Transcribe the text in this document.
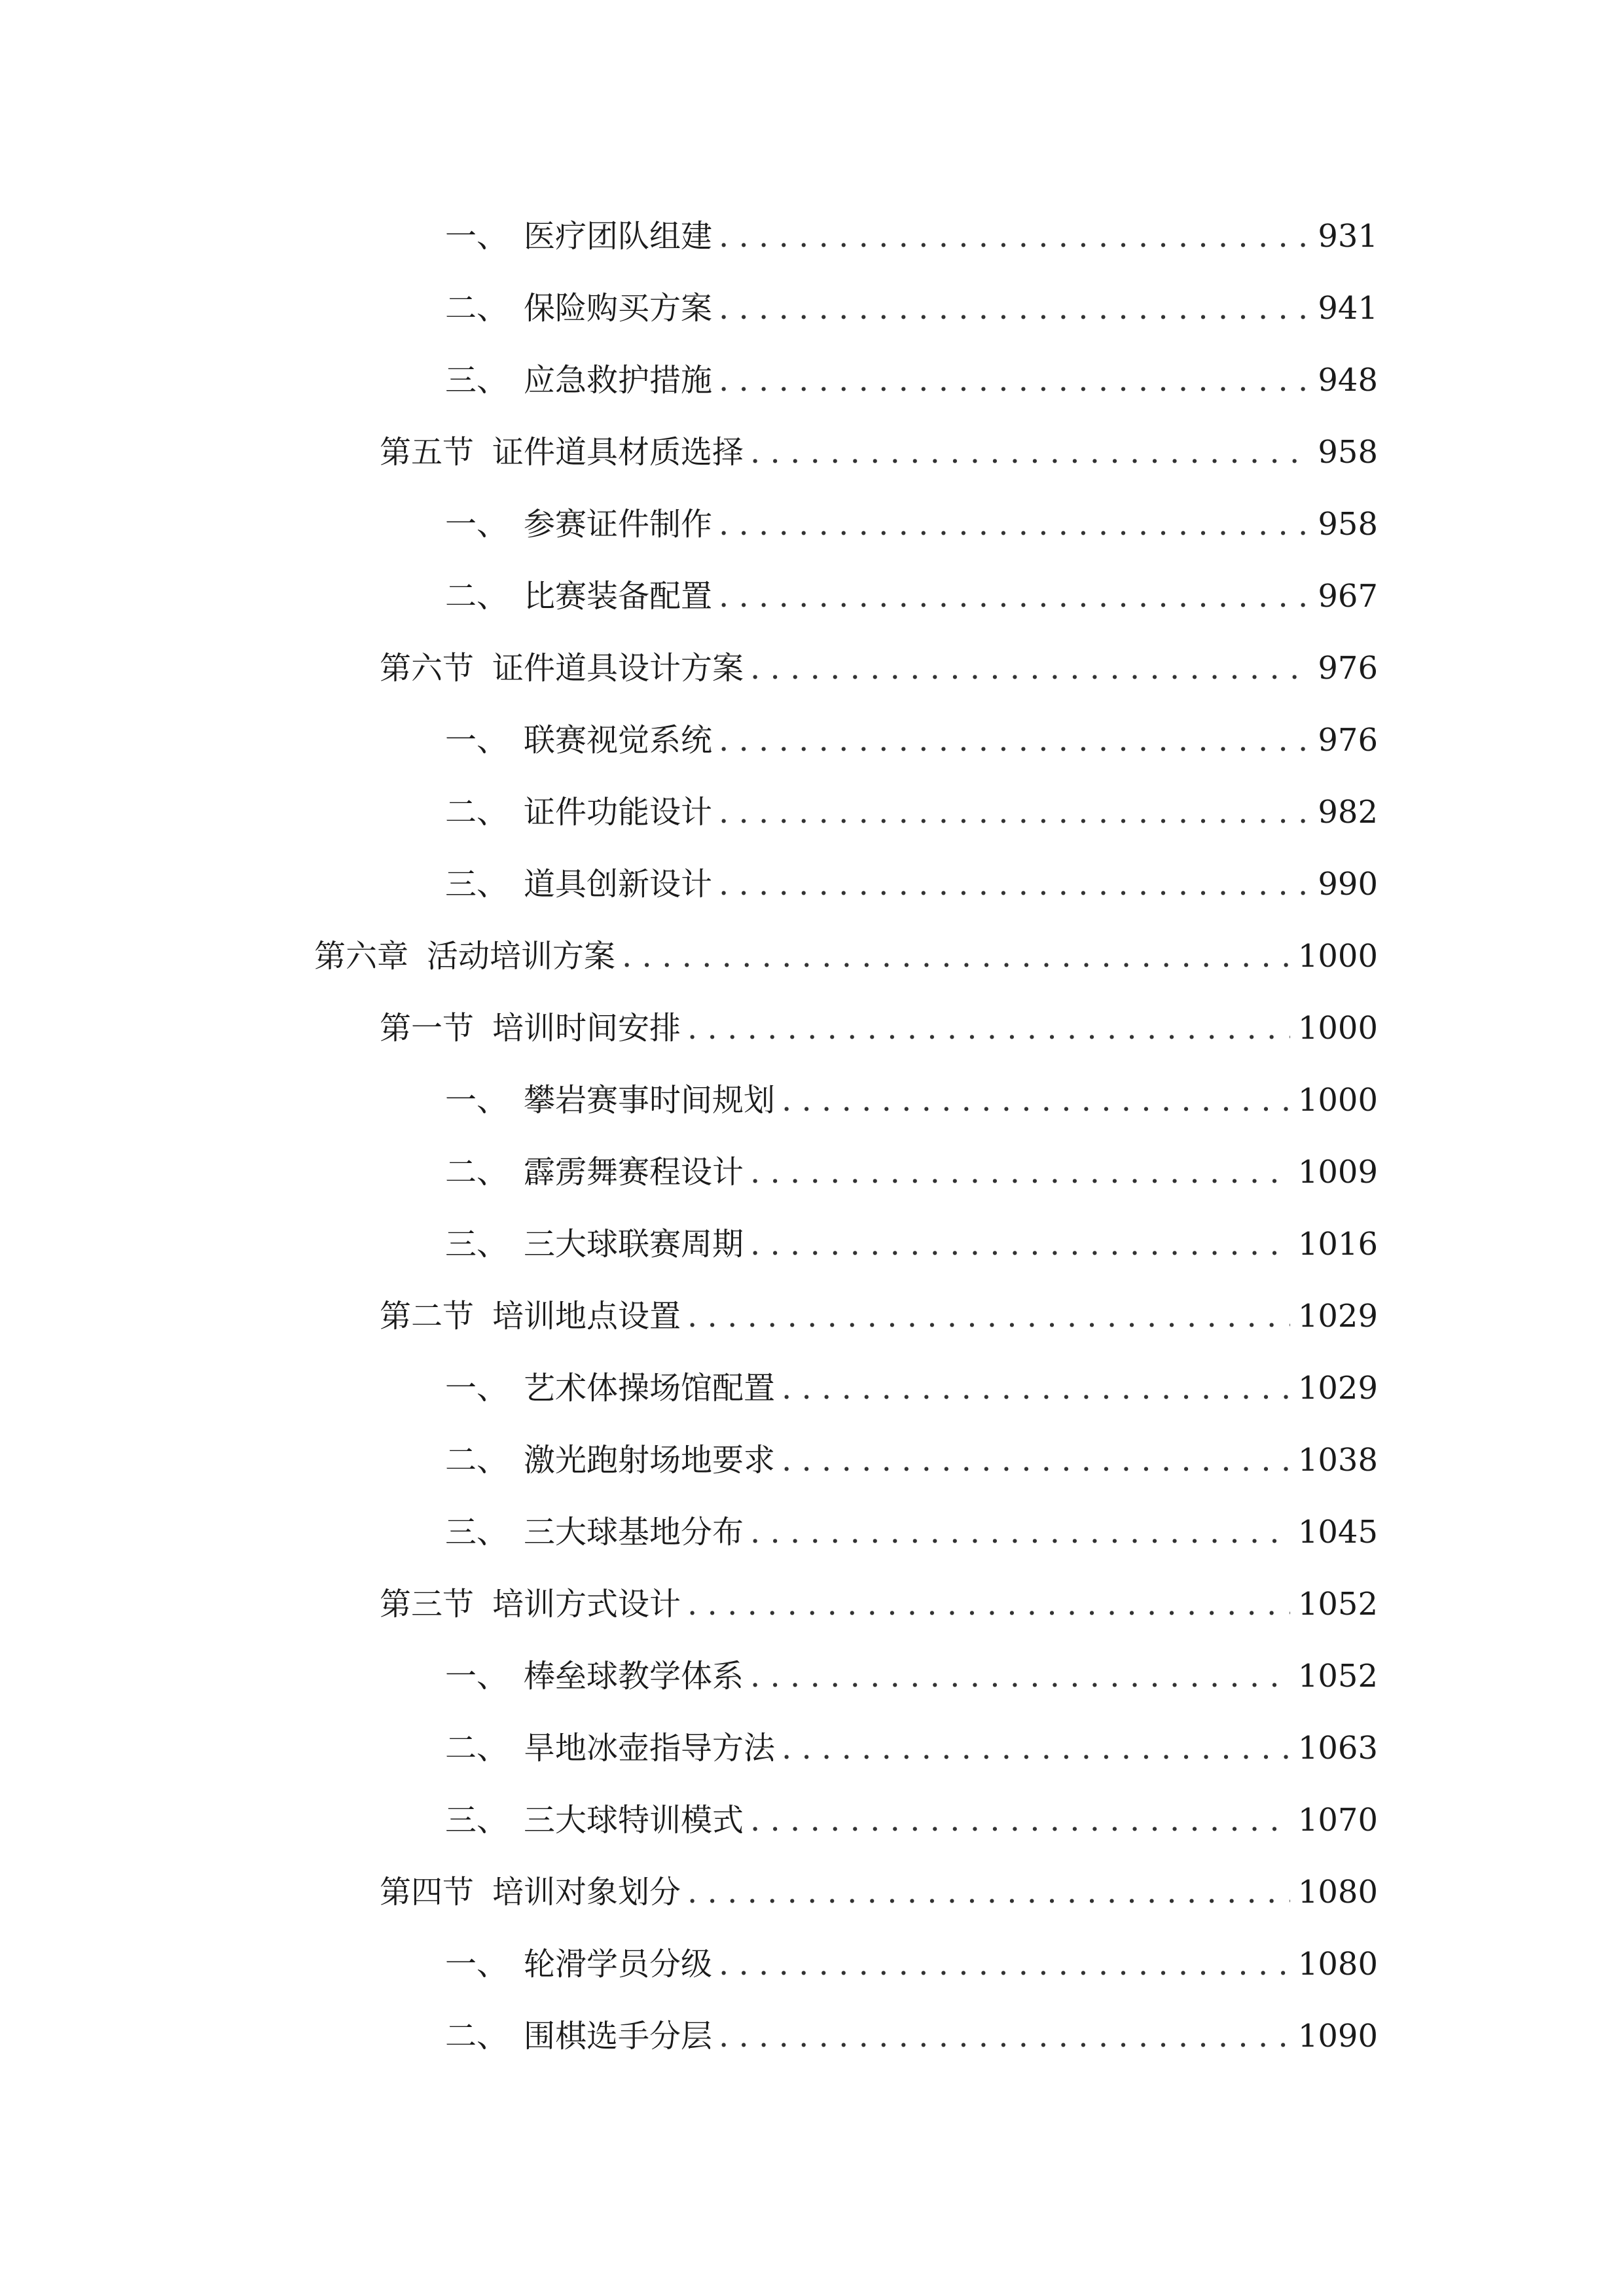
一、 医疗团队组建 . . .	931
二、 保险购买方案 . . .	941
三、 应急救护措施 . . .	948
第五节 证件道具材质选择 . . .	958
一、 参赛证件制作 . . .	958
二、 比赛装备配置 . . .	967
第六节 证件道具设计方案 . . .	976
一、 联赛视觉系统 . . .	976
二、 证件功能设计 . . .	982
三、 道具创新设计 . . .	990
第六章 活动培训方案 . . .	1000
第一节 培训时间安排 . . .	1000
一、 攀岩赛事时间规划 . . .	1000
二、 霹雳舞赛程设计 . . .	1009
三、 三大球联赛周期 . . .	1016
第二节 培训地点设置 . . .	1029
一、 艺术体操场馆配置 . . .	1029
二、 激光跑射场地要求 . . .	1038
三、 三大球基地分布 . . .	1045
第三节 培训方式设计 . . .	1052
一、 棒垒球教学体系 . . .	1052
二、 旱地冰壶指导方法 . . .	1063
三、 三大球特训模式 . . .	1070
第四节 培训对象划分 . . .	1080
一、 轮滑学员分级 . . .	1080
二、 围棋选手分层 . . .	1090
